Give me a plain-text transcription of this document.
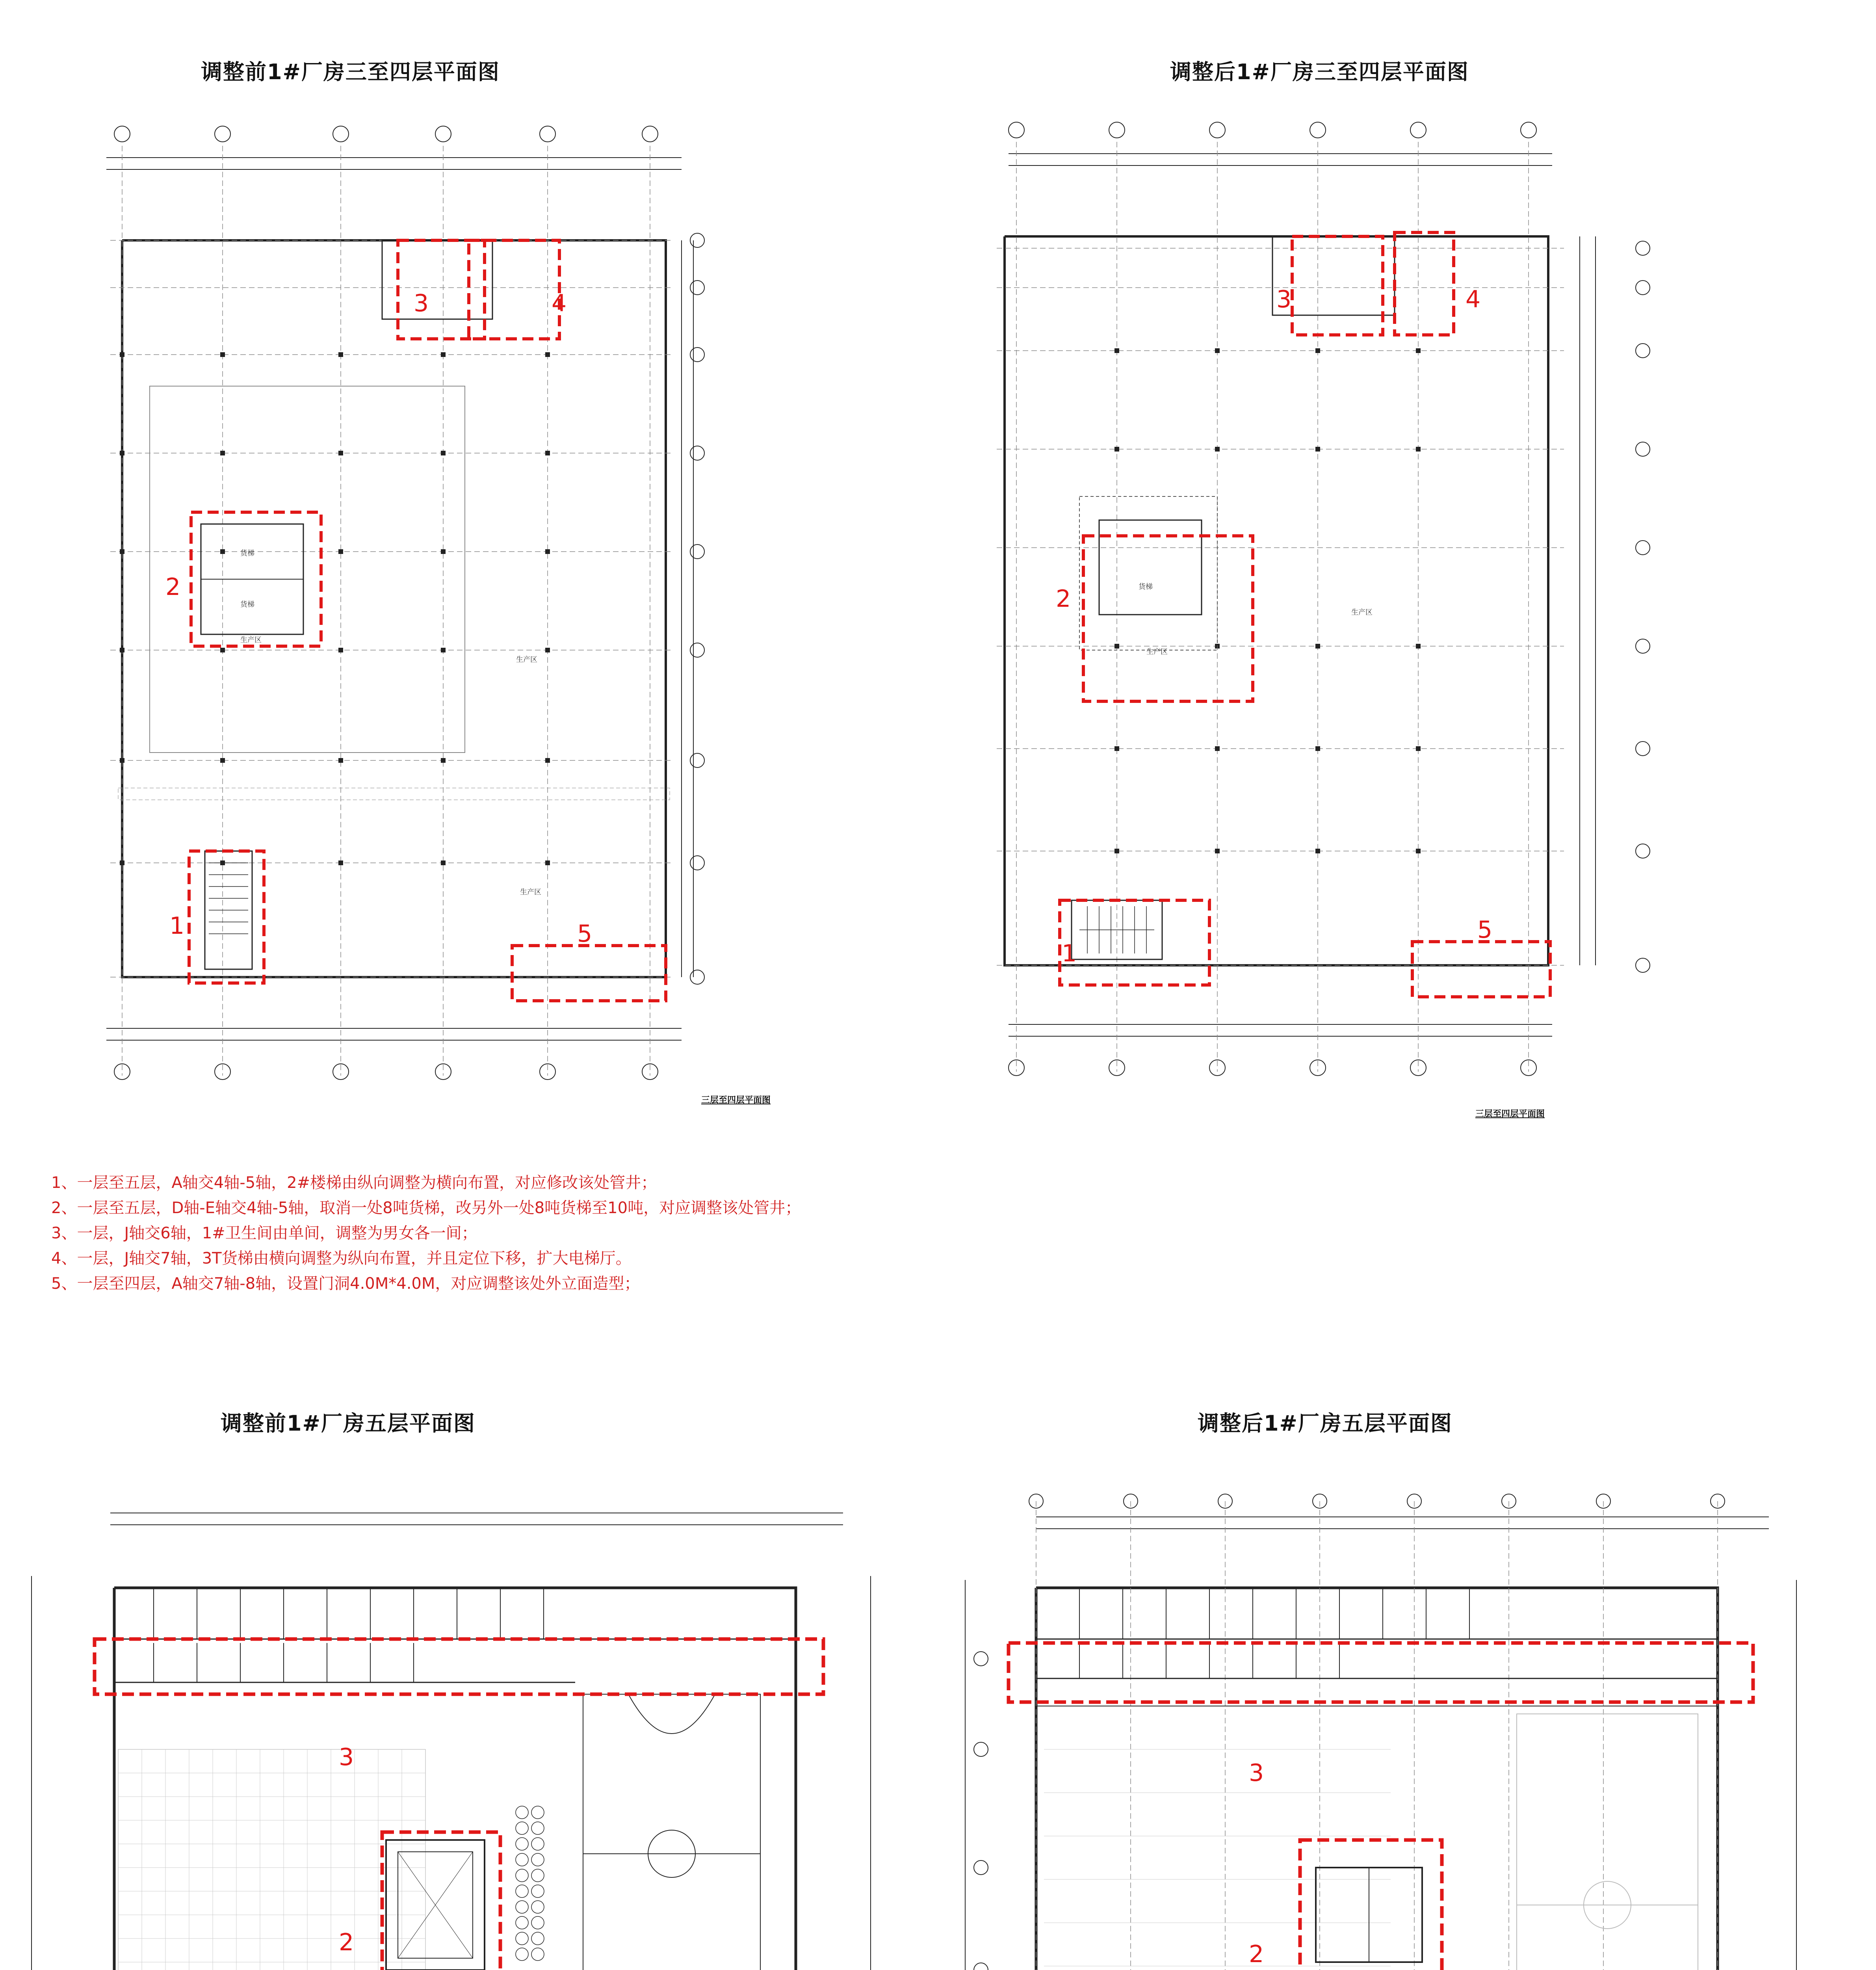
调整前1#厂房三至四层平面图	调整后1#厂房三至四层平面图
调整前1#厂房五层平面图	调整后1#厂房五层平面图
3	4
2
1	5
生产区
生产区
生产区
货梯
货梯
三层至四层平面图
3	4
2
1
5
生产区
生产区
货梯
三层至四层平面图
1、一层至五层，A轴交4轴-5轴，2#楼梯由纵向调整为横向布置，对应修改该处管井；
2、一层至五层，D轴-E轴交4轴-5轴，取消一处8吨货梯，改另外一处8吨货梯至10吨，对应调整该处管井；
3、一层，J轴交6轴，1#卫生间由单间，调整为男女各一间；
4、一层，J轴交7轴，3T货梯由横向调整为纵向布置，并且定位下移，扩大电梯厅。
5、一层至四层，A轴交7轴-8轴，设置门洞4.0M*4.0M，对应调整该处外立面造型；
3
2
3
2
